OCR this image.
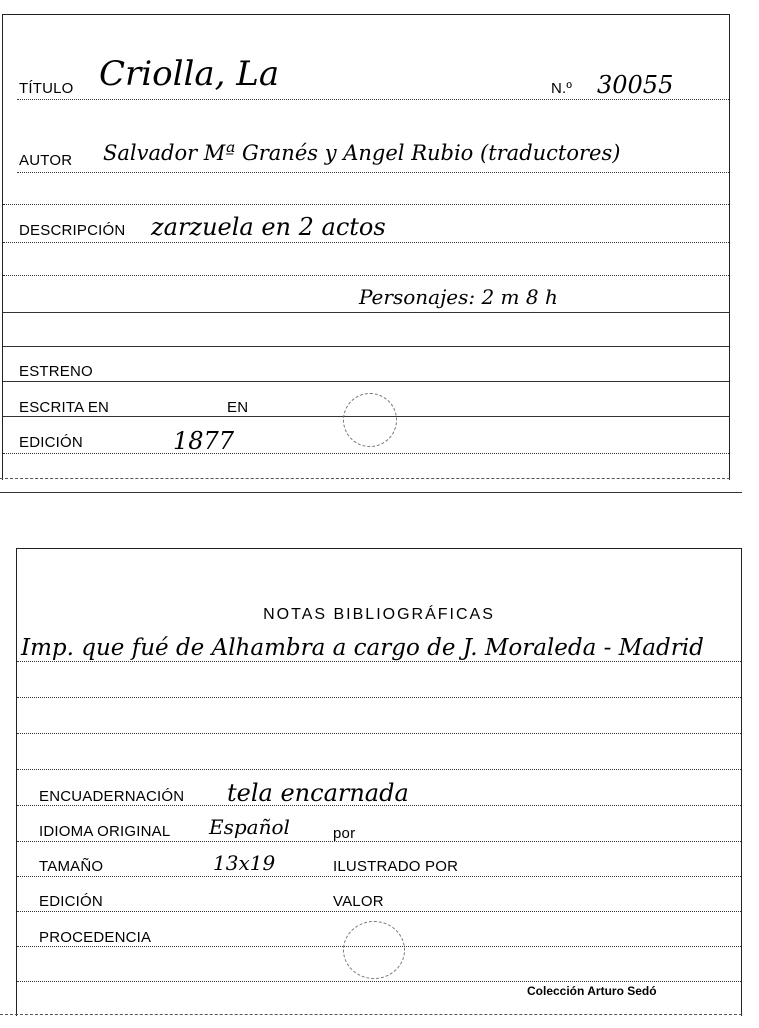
TÍTULO Criolla, La	N.º 30055
AUTOR Salvador Mª Granés y Angel Rubio (traductores)
DESCRIPCIÓN zarzuela en 2 actos
Personajes: 2 m 8 h
ESTRENO
ESCRITA EN	EN
EDICIÓN	1877
NOTAS BIBLIOGRÁFICAS
Imp. que fué de Alhambra a cargo de J. Moraleda - Madrid
ENCUADERNACIÓN tela encarnada
IDIOMA ORIGINAL Español	por
TAMAÑO	13x19	ILUSTRADO POR
EDICIÓN	VALOR
PROCEDENCIA
Colección Arturo Sedó
